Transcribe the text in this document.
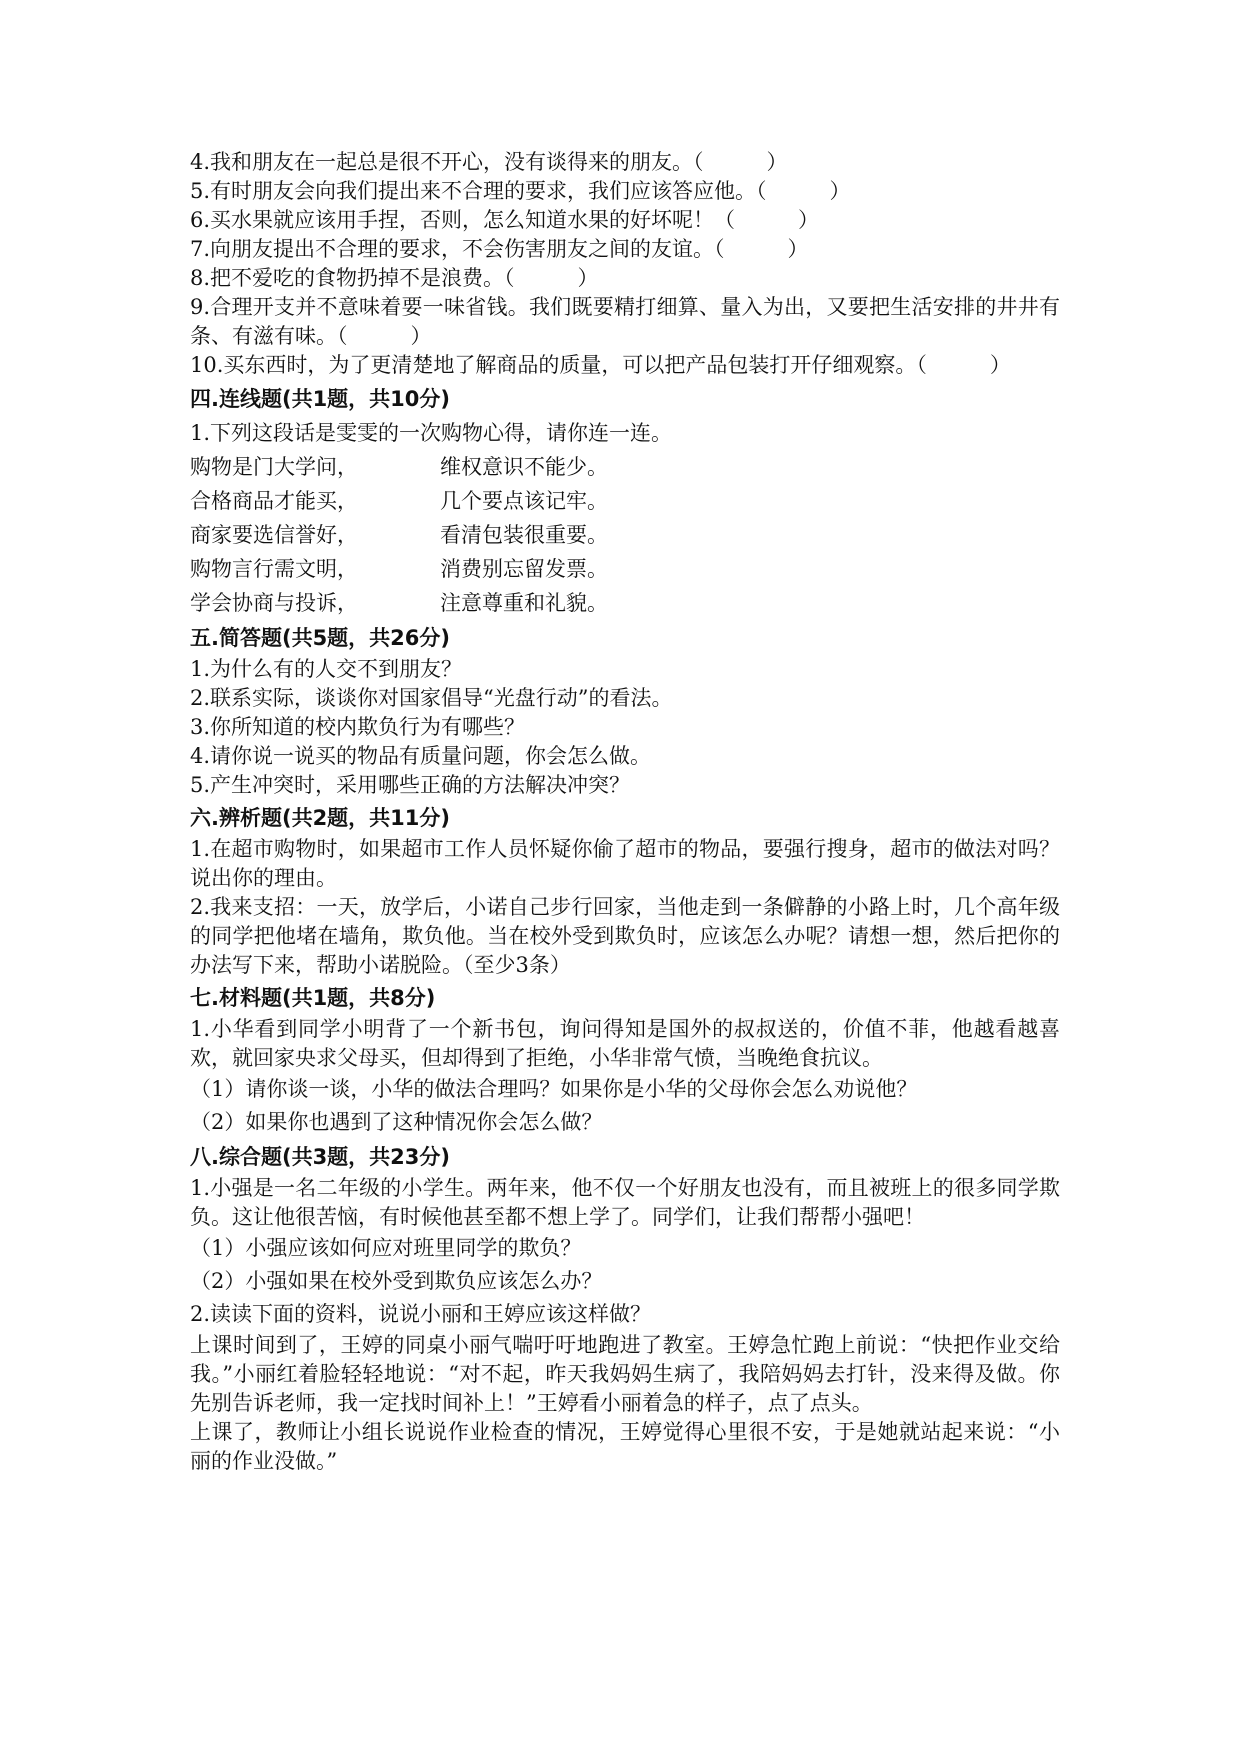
4.我和朋友在一起总是很不开心，没有谈得来的朋友。（　　　）
5.有时朋友会向我们提出来不合理的要求，我们应该答应他。（　　　）
6.买水果就应该用手捏，否则，怎么知道水果的好坏呢！（　　　）
7.向朋友提出不合理的要求，不会伤害朋友之间的友谊。（　　　）
8.把不爱吃的食物扔掉不是浪费。（　　　）
9.合理开支并不意味着要一味省钱。我们既要精打细算、量入为出，又要把生活安排的井井有条、有滋有味。（　　　）
10.买东西时，为了更清楚地了解商品的质量，可以把产品包装打开仔细观察。（　　　）
四.连线题(共1题，共10分)
1.下列这段话是雯雯的一次购物心得，请你连一连。
购物是门大学问，	维权意识不能少。
合格商品才能买，	几个要点该记牢。
商家要选信誉好，	看清包装很重要。
购物言行需文明，	消费别忘留发票。
学会协商与投诉，	注意尊重和礼貌。
五.简答题(共5题，共26分)
1.为什么有的人交不到朋友？
2.联系实际，谈谈你对国家倡导“光盘行动”的看法。
3.你所知道的校内欺负行为有哪些？
4.请你说一说买的物品有质量问题，你会怎么做。
5.产生冲突时，采用哪些正确的方法解决冲突？
六.辨析题(共2题，共11分)
1.在超市购物时，如果超市工作人员怀疑你偷了超市的物品，要强行搜身，超市的做法对吗？说出你的理由。
2.我来支招：一天，放学后，小诺自己步行回家，当他走到一条僻静的小路上时，几个高年级的同学把他堵在墙角，欺负他。当在校外受到欺负时，应该怎么办呢？请想一想，然后把你的办法写下来，帮助小诺脱险。（至少3条）
七.材料题(共1题，共8分)
1.小华看到同学小明背了一个新书包，询问得知是国外的叔叔送的，价值不菲，他越看越喜欢，就回家央求父母买，但却得到了拒绝，小华非常气愤，当晚绝食抗议。
（1）请你谈一谈，小华的做法合理吗？如果你是小华的父母你会怎么劝说他？
（2）如果你也遇到了这种情况你会怎么做？
八.综合题(共3题，共23分)
1.小强是一名二年级的小学生。两年来，他不仅一个好朋友也没有，而且被班上的很多同学欺负。这让他很苦恼，有时候他甚至都不想上学了。同学们，让我们帮帮小强吧！
（1）小强应该如何应对班里同学的欺负？
（2）小强如果在校外受到欺负应该怎么办？
2.读读下面的资料，说说小丽和王婷应该这样做？
上课时间到了，王婷的同桌小丽气喘吁吁地跑进了教室。王婷急忙跑上前说：“快把作业交给我。”小丽红着脸轻轻地说：“对不起，昨天我妈妈生病了，我陪妈妈去打针，没来得及做。你先别告诉老师，我一定找时间补上！”王婷看小丽着急的样子，点了点头。
上课了，教师让小组长说说作业检查的情况，王婷觉得心里很不安，于是她就站起来说：“小丽的作业没做。”
